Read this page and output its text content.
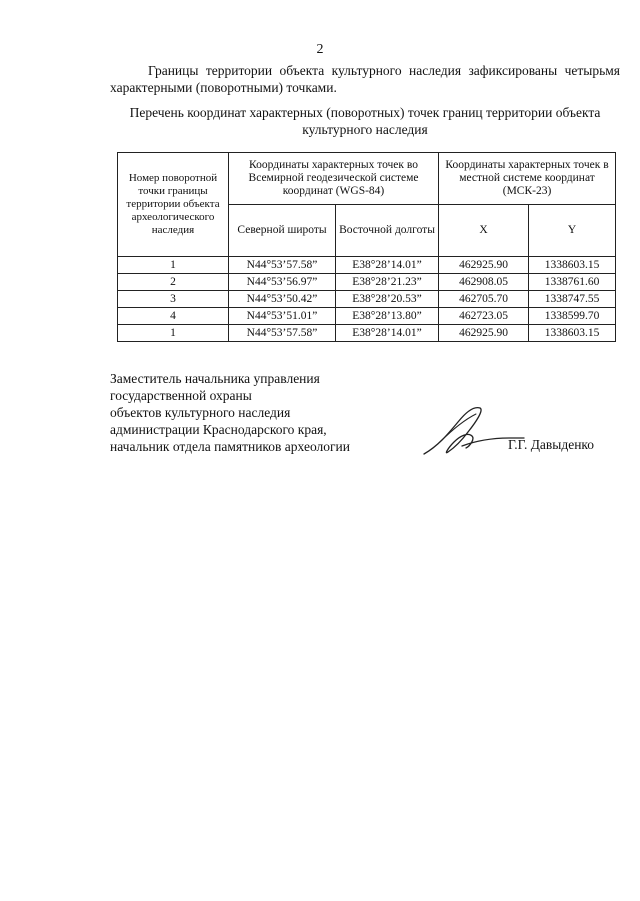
2
Границы территории объекта культурного наследия зафиксированы четырьмя характерными (поворотными) точками.
Перечень координат характерных (поворотных) точек границ территории объекта культурного наследия
Номер поворотной точки границы территории объекта археологического наследия	Координаты характерных точек во Всемирной геодезической системе координат (WGS-84)		Координаты характерных точек в местной системе координат (МСК-23)	
	Северной широты	Восточной долготы	X	Y
1	N44°53’57.58”	E38°28’14.01”	462925.90	1338603.15
2	N44°53’56.97”	E38°28’21.23”	462908.05	1338761.60
3	N44°53’50.42”	E38°28’20.53”	462705.70	1338747.55
4	N44°53’51.01”	E38°28’13.80”	462723.05	1338599.70
1	N44°53’57.58”	E38°28’14.01”	462925.90	1338603.15
Заместитель начальника управления
государственной охраны
объектов культурного наследия
администрации Краснодарского края,
начальник отдела памятников археологии	Г.Г. Давыденко
